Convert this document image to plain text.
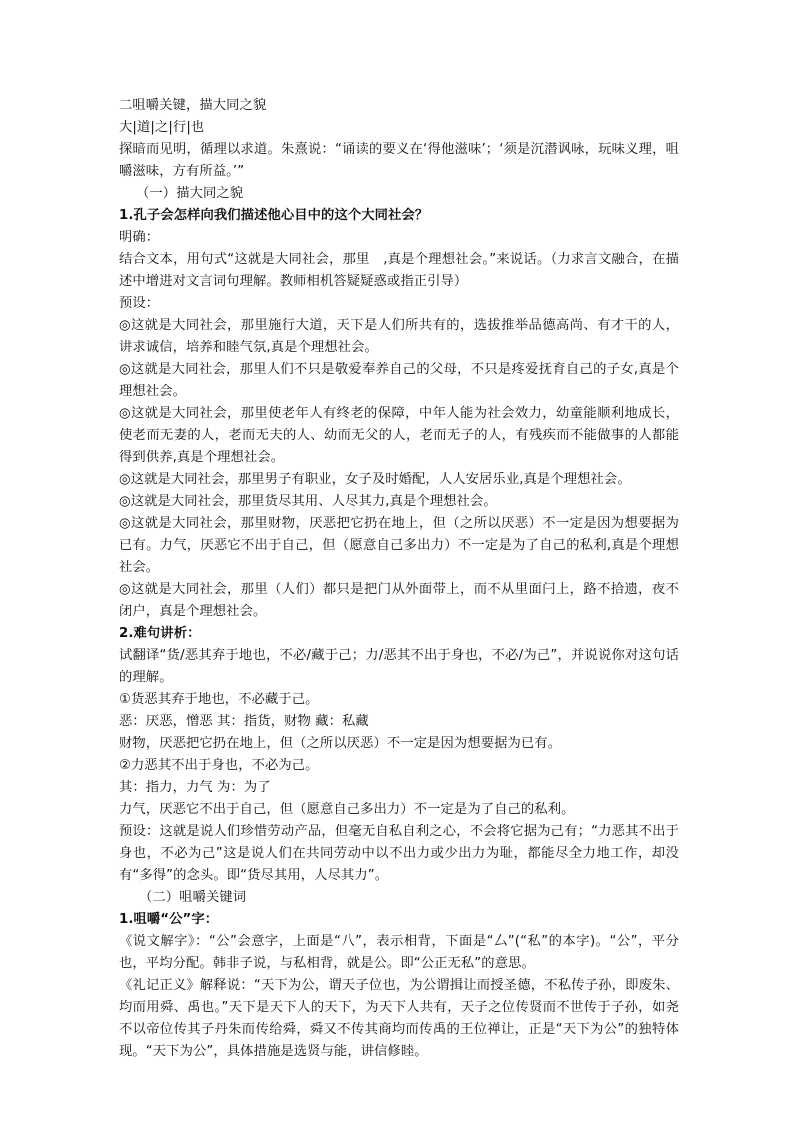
二咀嚼关键，描大同之貌
大|道|之|行|也
探暗而见明，循理以求道。朱熹说：“诵读的要义在‘得他滋味’；‘须是沉潜讽咏，玩味义理，咀嚼滋味，方有所益。’”
（一）描大同之貌
1.孔子会怎样向我们描述他心目中的这个大同社会？
明确：
结合文本，用句式“这就是大同社会，那里　,真是个理想社会。”来说话。（力求言文融合，在描述中增进对文言词句理解。教师相机答疑疑惑或指正引导）
预设：
◎这就是大同社会，那里施行大道，天下是人们所共有的，选拔推举品德高尚、有才干的人，讲求诚信，培养和睦气氛,真是个理想社会。
◎这就是大同社会，那里人们不只是敬爱奉养自己的父母，不只是疼爱抚育自己的子女,真是个理想社会。
◎这就是大同社会，那里使老年人有终老的保障，中年人能为社会效力，幼童能顺利地成长，使老而无妻的人，老而无夫的人、幼而无父的人，老而无子的人，有残疾而不能做事的人都能得到供养,真是个理想社会。
◎这就是大同社会，那里男子有职业，女子及时婚配，人人安居乐业,真是个理想社会。
◎这就是大同社会，那里货尽其用、人尽其力,真是个理想社会。
◎这就是大同社会，那里财物，厌恶把它扔在地上，但（之所以厌恶）不一定是因为想要据为已有。力气，厌恶它不出于自己，但（愿意自己多出力）不一定是为了自己的私利,真是个理想社会。
◎这就是大同社会，那里（人们）都只是把门从外面带上，而不从里面闩上，路不拾遗，夜不闭户，真是个理想社会。
2.难句讲析：
试翻译“货/恶其弃于地也，不必/藏于己；力/恶其不出于身也，不必/为己”，并说说你对这句话的理解。
①货恶其弃于地也，不必藏于己。
恶：厌恶，憎恶 其：指货，财物 藏：私藏
财物，厌恶把它扔在地上，但（之所以厌恶）不一定是因为想要据为已有。
②力恶其不出于身也，不必为己。
其：指力，力气 为：为了
力气，厌恶它不出于自己，但（愿意自己多出力）不一定是为了自己的私利。
预设：这就是说人们珍惜劳动产品，但毫无自私自利之心，不会将它据为己有；“力恶其不出于身也，不必为己”这是说人们在共同劳动中以不出力或少出力为耻，都能尽全力地工作，却没有“多得”的念头。即“货尽其用，人尽其力”。
（二）咀嚼关键词
1.咀嚼“公”字：
《说文解字》：“公”会意字，上面是“八”，表示相背，下面是“厶”(“私”的本字)。“公”，平分也，平均分配。韩非子说，与私相背，就是公。即“公正无私”的意思。
《礼记正义》解释说：“天下为公，谓天子位也，为公谓揖让而授圣德，不私传子孙，即废朱、均而用舜、禹也。”天下是天下人的天下，为天下人共有，天子之位传贤而不世传于子孙，如尧不以帝位传其子丹朱而传给舜，舜又不传其商均而传禹的王位禅让，正是“天下为公”的独特体现。“天下为公”，具体措施是选贤与能，讲信修睦。
